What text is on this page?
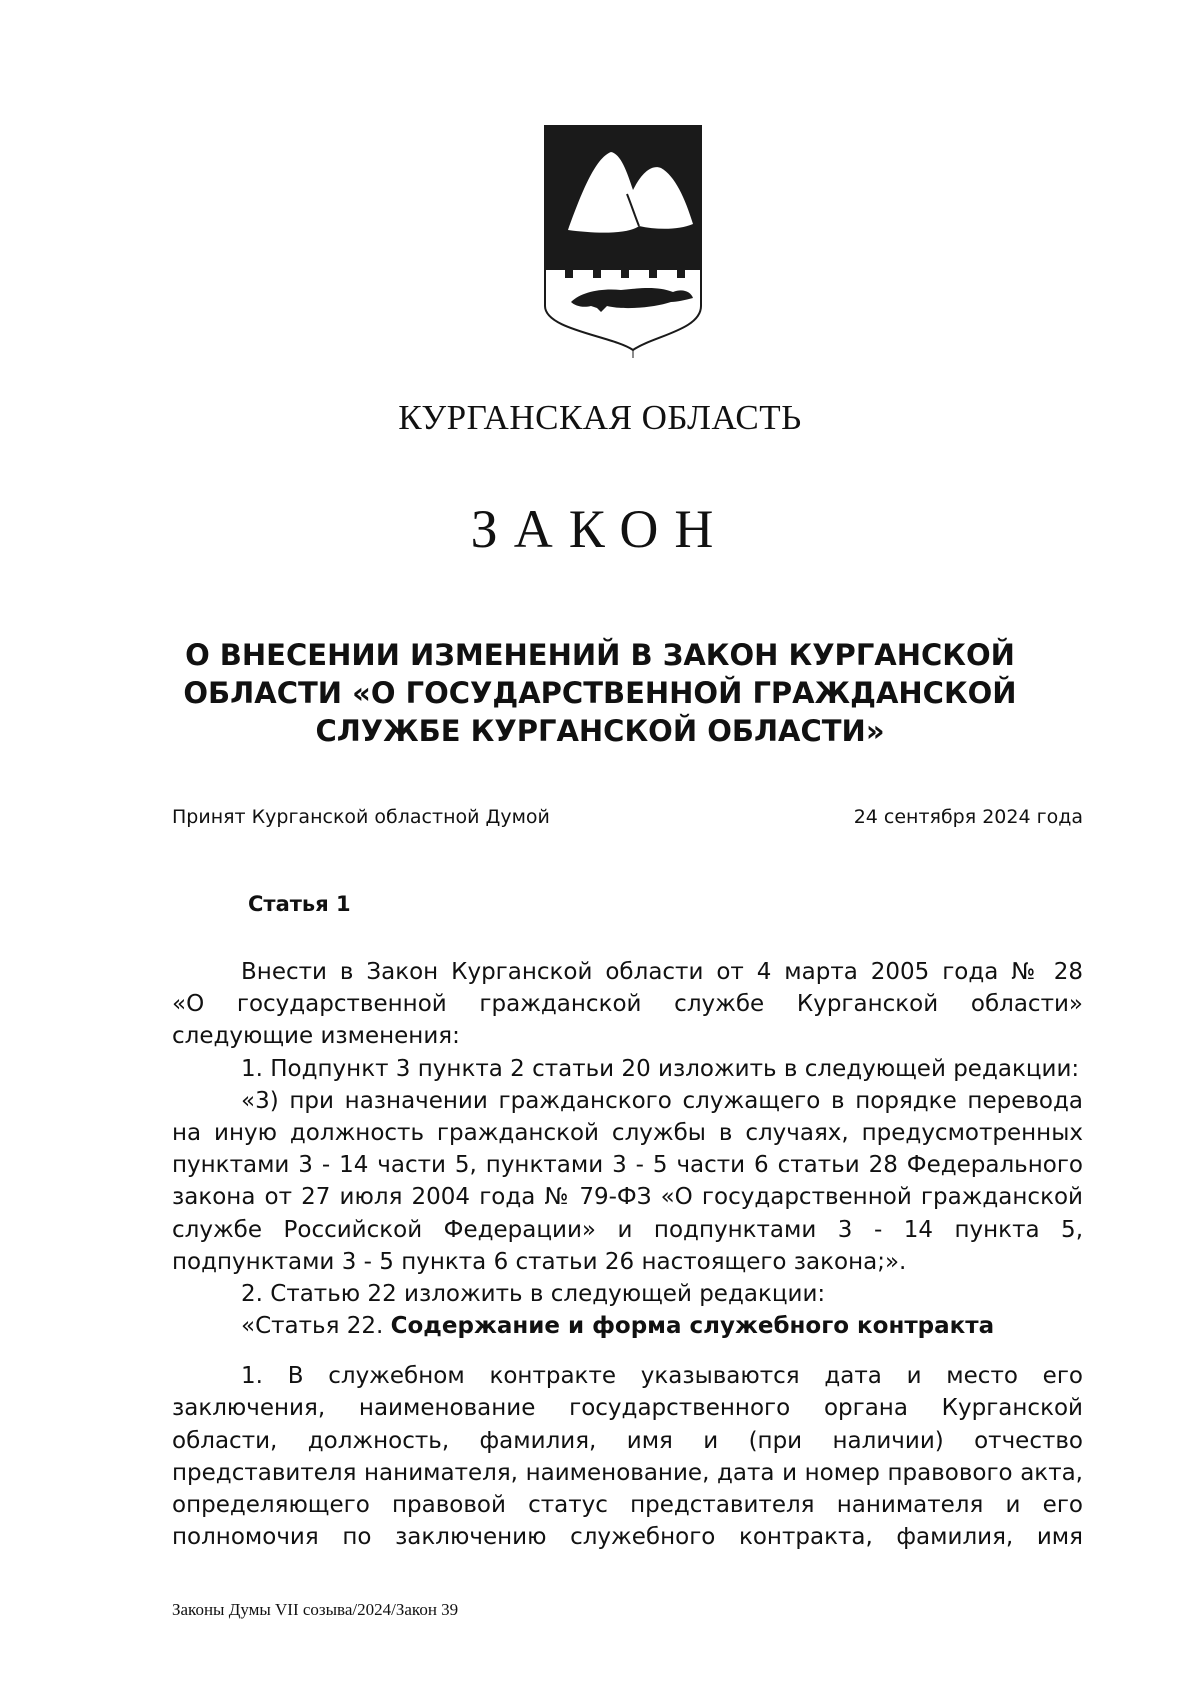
КУРГАНСКАЯ ОБЛАСТЬ
ЗАКОН
О ВНЕСЕНИИ ИЗМЕНЕНИЙ В ЗАКОН КУРГАНСКОЙ
ОБЛАСТИ «О ГОСУДАРСТВЕННОЙ ГРАЖДАНСКОЙ
СЛУЖБЕ КУРГАНСКОЙ ОБЛАСТИ»
Принят Курганской областной Думой	24 сентября 2024 года
Статья 1
Внести в Закон Курганской области от 4 марта 2005 года № 28
«О государственной гражданской службе Курганской области»
следующие изменения:
1. Подпункт 3 пункта 2 статьи 20 изложить в следующей редакции:
«3) при назначении гражданского служащего в порядке перевода
на иную должность гражданской службы в случаях, предусмотренных
пунктами 3 - 14 части 5, пунктами 3 - 5 части 6 статьи 28 Федерального
закона от 27 июля 2004 года № 79-ФЗ «О государственной гражданской
службе Российской Федерации» и подпунктами 3 - 14 пункта 5,
подпунктами 3 - 5 пункта 6 статьи 26 настоящего закона;».
2. Статью 22 изложить в следующей редакции:
«Статья 22. Содержание и форма служебного контракта
1. В служебном контракте указываются дата и место его
заключения, наименование государственного органа Курганской
области, должность, фамилия, имя и (при наличии) отчество
представителя нанимателя, наименование, дата и номер правового акта,
определяющего правовой статус представителя нанимателя и его
полномочия по заключению служебного контракта, фамилия, имя
Законы Думы VII созыва/2024/Закон 39
